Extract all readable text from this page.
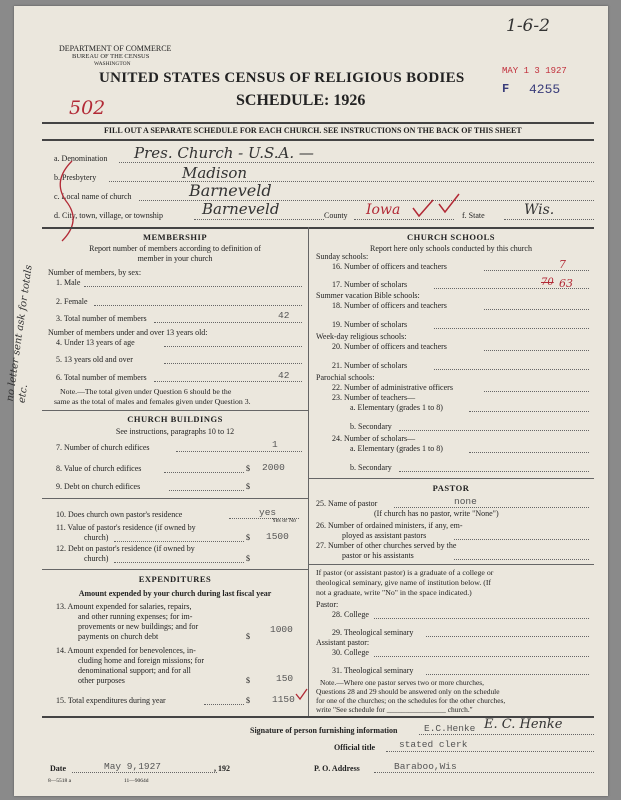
DEPARTMENT OF COMMERCE
BUREAU OF THE CENSUS
WASHINGTON
1-6-2
MAY 1 3 1927
F 4255
UNITED STATES CENSUS OF RELIGIOUS BODIES
SCHEDULE: 1926
502
FILL OUT A SEPARATE SCHEDULE FOR EACH CHURCH. SEE INSTRUCTIONS ON THE BACK OF THIS SHEET
a. Denomination Pres. Church - U.S.A. —
b. Presbytery	Madison
c. Local name of church	Barneveld
d. City, town, village, or township	Barneveld	County Iowa	f. State	Wis.
no letter sent ask for totals etc.
MEMBERSHIP
Report number of members according to definition of
member in your church
Number of members, by sex:
1. Male
2. Female
3. Total number of members	42
Number of members under and over 13 years old:
4. Under 13 years of age
5. 13 years old and over
6. Total number of members	42
Note.—The total given under Question 6 should be the
same as the total of males and females given under Question 3.
CHURCH BUILDINGS
See instructions, paragraphs 10 to 12
7. Number of church edifices	1
8. Value of church edifices	$ 2000
9. Debt on church edifices	$
10. Does church own pastor's residence	yes
Yes or No
11. Value of pastor's residence (if owned by
church)	$ 1500
12. Debt on pastor's residence (if owned by
church)	$
EXPENDITURES
Amount expended by your church during last fiscal year
13. Amount expended for salaries, repairs,
and other running expenses; for im-
provements or new buildings; and for
payments on church debt	$
1000
14. Amount expended for benevolences, in-
cluding home and foreign missions; for
denominational support; and for all
other purposes	$	150
15. Total expenditures during year	$ 1150
CHURCH SCHOOLS
Report here only schools conducted by this church
Sunday schools:
16. Number of officers and teachers	7
17. Number of scholars	70 63
Summer vacation Bible schools:
18. Number of officers and teachers
19. Number of scholars
Week-day religious schools:
20. Number of officers and teachers
21. Number of scholars
Parochial schools:
22. Number of administrative officers
23. Number of teachers—
a. Elementary (grades 1 to 8)
b. Secondary
24. Number of scholars—
a. Elementary (grades 1 to 8)
b. Secondary
PASTOR
25. Name of pastor	none
(If church has no pastor, write "None")
26. Number of ordained ministers, if any, em-
ployed as assistant pastors
27. Number of other churches served by the
pastor or his assistants
If pastor (or assistant pastor) is a graduate of a college or
theological seminary, give name of institution below. (If
not a graduate, write "No" in the space indicated.)
Pastor:
28. College
29. Theological seminary
Assistant pastor:
30. College
31. Theological seminary
Note.—Where one pastor serves two or more churches,
Questions 28 and 29 should be answered only on the schedule
for one of the churches; on the schedules for the other churches,
write "See schedule for ________________ church."
Signature of person furnishing information	E.C.Henke E. C. Henke
Official title	stated clerk
Date	May 9,1927	, 192	P. O. Address	Baraboo,Wis
8—5518 a	11—9064d
